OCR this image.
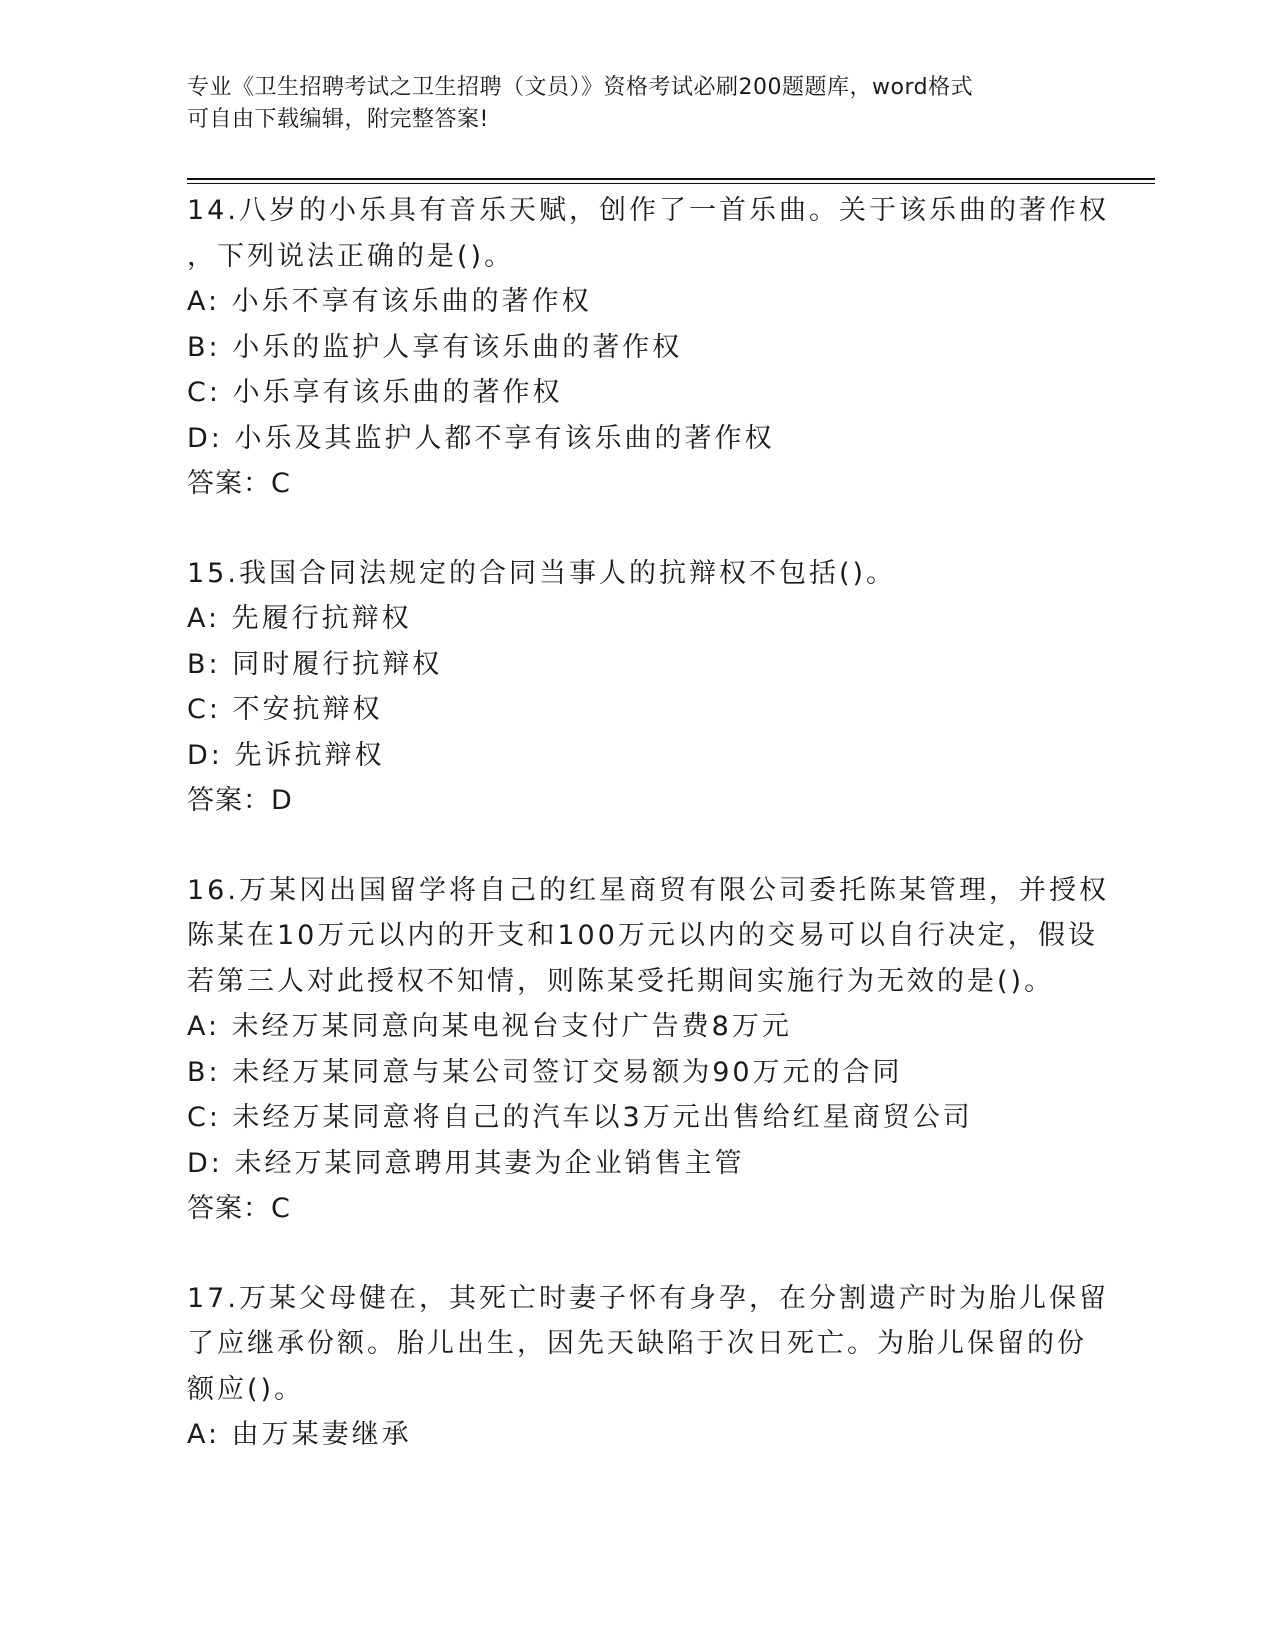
专业《卫生招聘考试之卫生招聘（文员）》资格考试必刷200题题库，word格式
可自由下载编辑，附完整答案!
14.八岁的小乐具有音乐天赋，创作了一首乐曲。关于该乐曲的著作权
，下列说法正确的是()。
A: 小乐不享有该乐曲的著作权
B: 小乐的监护人享有该乐曲的著作权
C: 小乐享有该乐曲的著作权
D: 小乐及其监护人都不享有该乐曲的著作权
答案：C
15.我国合同法规定的合同当事人的抗辩权不包括()。
A: 先履行抗辩权
B: 同时履行抗辩权
C: 不安抗辩权
D: 先诉抗辩权
答案：D
16.万某冈出国留学将自己的红星商贸有限公司委托陈某管理，并授权
陈某在10万元以内的开支和100万元以内的交易可以自行决定，假设
若第三人对此授权不知情，则陈某受托期间实施行为无效的是()。
A: 未经万某同意向某电视台支付广告费8万元
B: 未经万某同意与某公司签订交易额为90万元的合同
C: 未经万某同意将自己的汽车以3万元出售给红星商贸公司
D: 未经万某同意聘用其妻为企业销售主管
答案：C
17.万某父母健在，其死亡时妻子怀有身孕，在分割遗产时为胎儿保留
了应继承份额。胎儿出生，因先天缺陷于次日死亡。为胎儿保留的份
额应()。
A: 由万某妻继承
